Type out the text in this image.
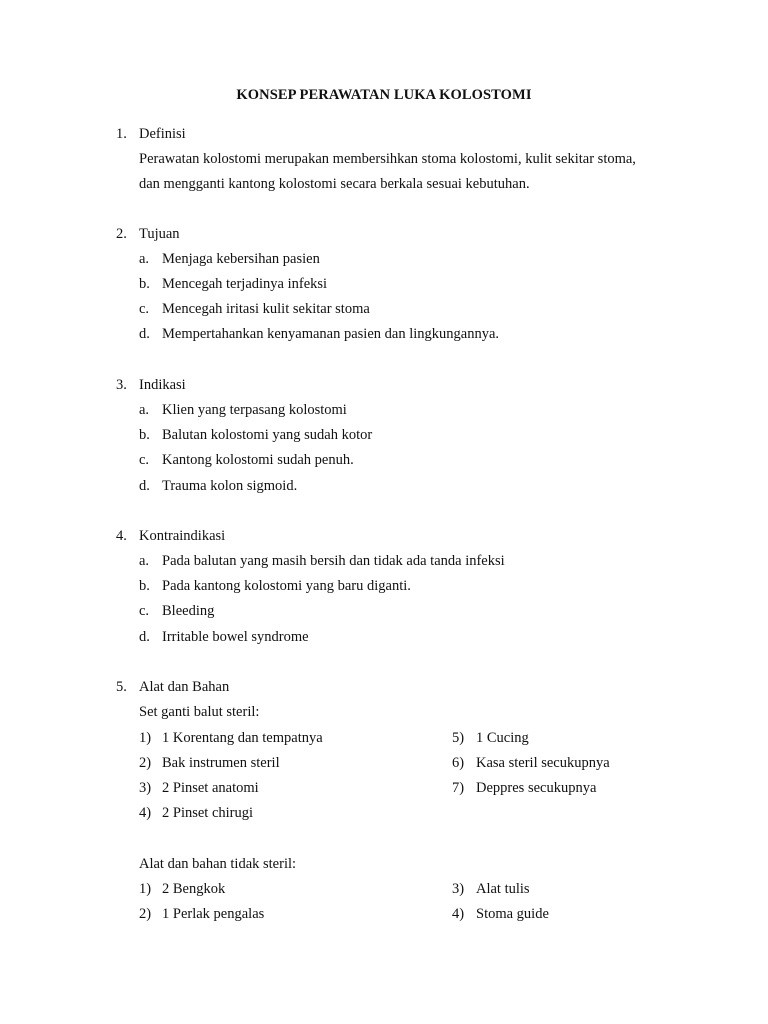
KONSEP PERAWATAN LUKA KOLOSTOMI
1. Definisi
Perawatan kolostomi merupakan membersihkan stoma kolostomi, kulit sekitar stoma,
dan mengganti kantong kolostomi secara berkala sesuai kebutuhan.
2. Tujuan
a. Menjaga kebersihan pasien
b. Mencegah terjadinya infeksi
c. Mencegah iritasi kulit sekitar stoma
d. Mempertahankan kenyamanan pasien dan lingkungannya.
3. Indikasi
a. Klien yang terpasang kolostomi
b. Balutan kolostomi yang sudah kotor
c. Kantong kolostomi sudah penuh.
d. Trauma kolon sigmoid.
4. Kontraindikasi
a. Pada balutan yang masih bersih dan tidak ada tanda infeksi
b. Pada kantong kolostomi yang baru diganti.
c. Bleeding
d. Irritable bowel syndrome
5. Alat dan Bahan
Set ganti balut steril:
1) 1 Korentang dan tempatnya
2) Bak instrumen steril
3) 2 Pinset anatomi
4) 2 Pinset chirugi
5) 1 Cucing
6) Kasa steril secukupnya
7) Deppres secukupnya
Alat dan bahan tidak steril:
1) 2 Bengkok
2) 1 Perlak pengalas
3) Alat tulis
4) Stoma guide
